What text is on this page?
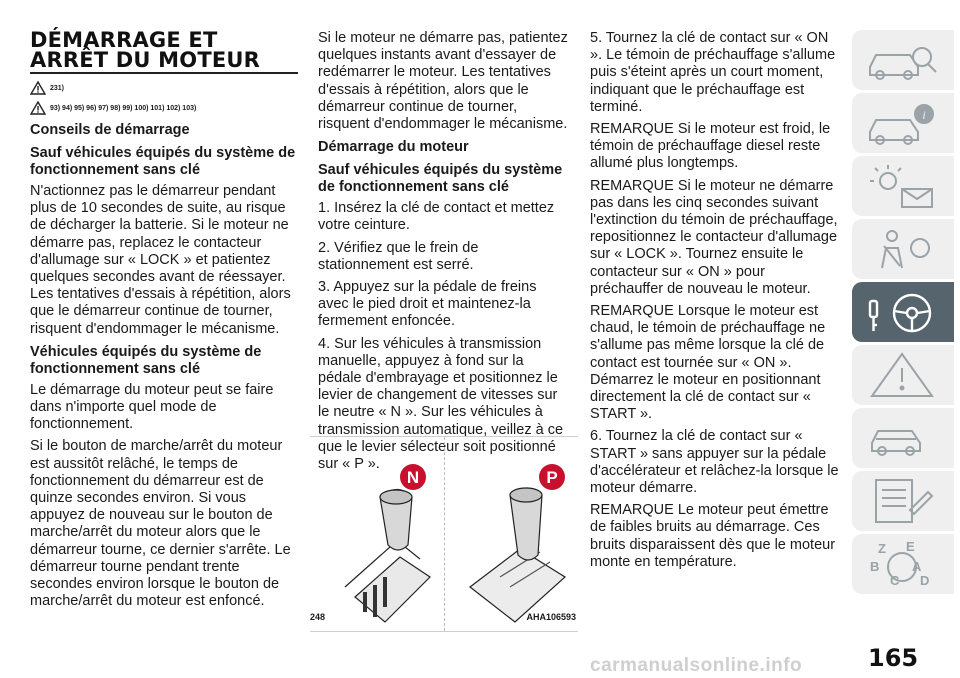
DÉMARRAGE ET
ARRÊT DU MOTEUR
231)
93) 94) 95) 96) 97) 98) 99) 100) 101) 102) 103)
Conseils de démarrage
Sauf véhicules équipés du système de fonctionnement sans clé

N'actionnez pas le démarreur pendant plus de 10 secondes de suite, au risque de décharger la batterie. Si le moteur ne démarre pas, replacez le contacteur d'allumage sur « LOCK » et patientez quelques secondes avant de réessayer. Les tentatives d'essais à répétition, alors que le démarreur continue de tourner, risquent d'endommager le mécanisme.

Véhicules équipés du système de fonctionnement sans clé

Le démarrage du moteur peut se faire dans n'importe quel mode de fonctionnement.

Si le bouton de marche/arrêt du moteur est aussitôt relâché, le temps de fonctionnement du démarreur est de quinze secondes environ. Si vous appuyez de nouveau sur le bouton de marche/arrêt du moteur alors que le démarreur tourne, ce dernier s'arrête. Le démarreur tourne pendant trente secondes environ lorsque le bouton de marche/arrêt du moteur est enfoncé.

Si le moteur ne démarre pas, patientez quelques instants avant d'essayer de redémarrer le moteur. Les tentatives d'essais à répétition, alors que le démarreur continue de tourner, risquent d'endommager le mécanisme.

Démarrage du moteur
Sauf véhicules équipés du système de fonctionnement sans clé

1. Insérez la clé de contact et mettez votre ceinture.

2. Vérifiez que le frein de stationnement est serré.

3. Appuyez sur la pédale de freins avec le pied droit et maintenez-la fermement enfoncée.

4. Sur les véhicules à transmission manuelle, appuyez à fond sur la pédale d'embrayage et positionnez le levier de changement de vitesses sur le neutre « N ». Sur les véhicules à transmission automatique, veillez à ce que le levier sélecteur soit positionné sur « P ».

N	P
248	AHA106593

5. Tournez la clé de contact sur « ON ». Le témoin de préchauffage s'allume puis s'éteint après un court moment, indiquant que le préchauffage est terminé.

REMARQUE Si le moteur est froid, le témoin de préchauffage diesel reste allumé plus longtemps.

REMARQUE Si le moteur ne démarre pas dans les cinq secondes suivant l'extinction du témoin de préchauffage, repositionnez le contacteur d'allumage sur « LOCK ». Tournez ensuite le contacteur sur « ON » pour préchauffer de nouveau le moteur.

REMARQUE Lorsque le moteur est chaud, le témoin de préchauffage ne s'allume pas même lorsque la clé de contact est tournée sur « ON ». Démarrez le moteur en positionnant directement la clé de contact sur « START ».

6. Tournez la clé de contact sur « START » sans appuyer sur la pédale d'accélérateur et relâchez-la lorsque le moteur démarre.

REMARQUE Le moteur peut émettre de faibles bruits au démarrage. Ces bruits disparaissent dès que le moteur monte en température.

i
Z E
B	A
C D
165
carmanualsonline.info
